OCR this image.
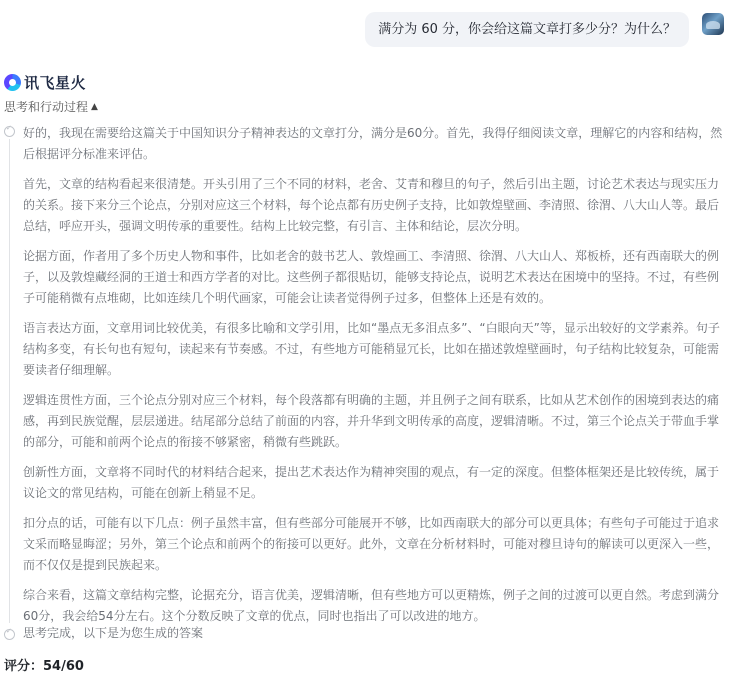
满分为 60 分，你会给这篇文章打多少分？为什么？
讯飞星火
思考和行动过程 ▲
✓

好的，我现在需要给这篇关于中国知识分子精神表达的文章打分，满分是60分。首先，我得仔细阅读文章，理解它的内容和结构，然后根据评分标准来评估。

首先，文章的结构看起来很清楚。开头引用了三个不同的材料，老舍、艾青和穆旦的句子，然后引出主题，讨论艺术表达与现实压力的关系。接下来分三个论点，分别对应这三个材料，每个论点都有历史例子支持，比如敦煌壁画、李清照、徐渭、八大山人等。最后总结，呼应开头，强调文明传承的重要性。结构上比较完整，有引言、主体和结论，层次分明。

论据方面，作者用了多个历史人物和事件，比如老舍的鼓书艺人、敦煌画工、李清照、徐渭、八大山人、郑板桥，还有西南联大的例子，以及敦煌藏经洞的王道士和西方学者的对比。这些例子都很贴切，能够支持论点，说明艺术表达在困境中的坚持。不过，有些例子可能稍微有点堆砌，比如连续几个明代画家，可能会让读者觉得例子过多，但整体上还是有效的。

语言表达方面，文章用词比较优美，有很多比喻和文学引用，比如“墨点无多泪点多”、“白眼向天”等，显示出较好的文学素养。句子结构多变，有长句也有短句，读起来有节奏感。不过，有些地方可能稍显冗长，比如在描述敦煌壁画时，句子结构比较复杂，可能需要读者仔细理解。

逻辑连贯性方面，三个论点分别对应三个材料，每个段落都有明确的主题，并且例子之间有联系，比如从艺术创作的困境到表达的痛感，再到民族觉醒，层层递进。结尾部分总结了前面的内容，并升华到文明传承的高度，逻辑清晰。不过，第三个论点关于带血手掌的部分，可能和前两个论点的衔接不够紧密，稍微有些跳跃。

创新性方面，文章将不同时代的材料结合起来，提出艺术表达作为精神突围的观点，有一定的深度。但整体框架还是比较传统，属于议论文的常见结构，可能在创新上稍显不足。

扣分点的话，可能有以下几点：例子虽然丰富，但有些部分可能展开不够，比如西南联大的部分可以更具体；有些句子可能过于追求文采而略显晦涩；另外，第三个论点和前两个的衔接可以更好。此外，文章在分析材料时，可能对穆旦诗句的解读可以更深入一些，而不仅仅是提到民族起来。

综合来看，这篇文章结构完整，论据充分，语言优美，逻辑清晰，但有些地方可以更精炼，例子之间的过渡可以更自然。考虑到满分60分，我会给54分左右。这个分数反映了文章的优点，同时也指出了可以改进的地方。

✓
思考完成，以下是为您生成的答案
评分：54/60
